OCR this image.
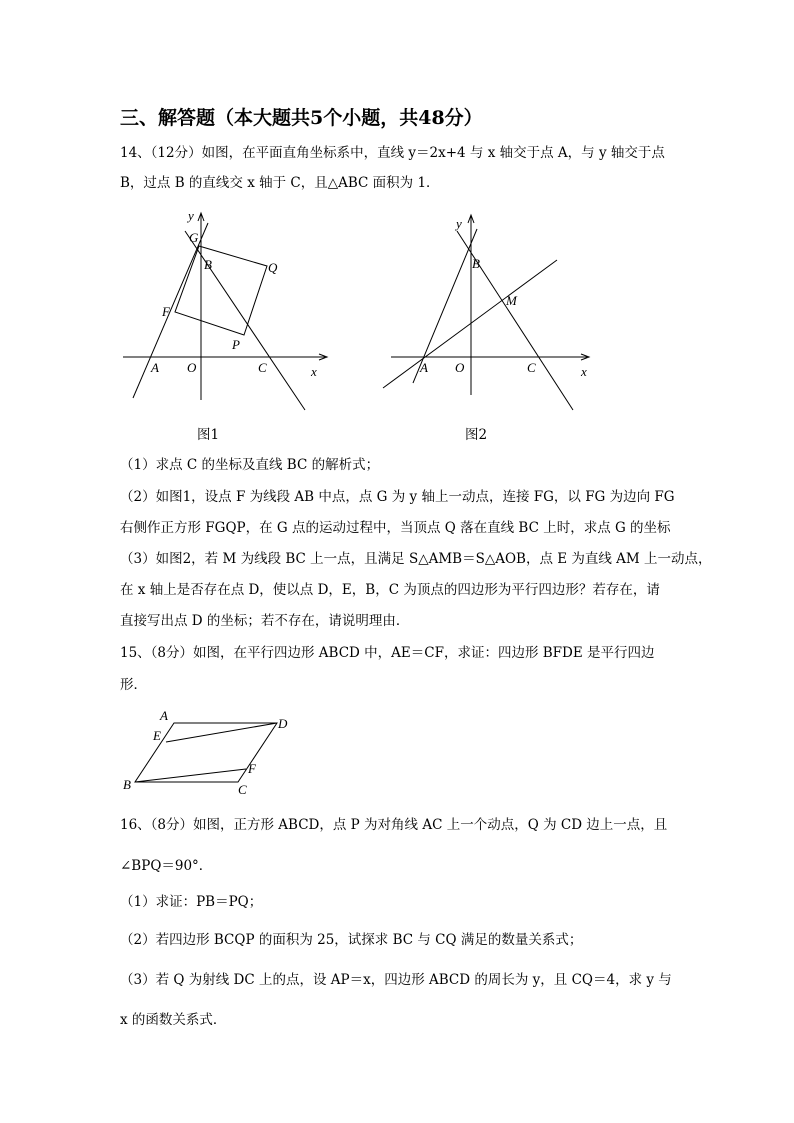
三、解答题（本大题共5个小题，共48分）
14、（12分）如图，在平面直角坐标系中，直线 y＝2x+4 与 x 轴交于点 A，与 y 轴交于点
B，过点 B 的直线交 x 轴于 C，且△ABC 面积为 1．
y
G
B	Q
F
P
A O	C	x
图1
y
B
M
A O	C	x
图2
（1）求点 C 的坐标及直线 BC 的解析式；
（2）如图1，设点 F 为线段 AB 中点，点 G 为 y 轴上一动点，连接 FG，以 FG 为边向 FG
右侧作正方形 FGQP，在 G 点的运动过程中，当顶点 Q 落在直线 BC 上时，求点 G 的坐标
（3）如图2，若 M 为线段 BC 上一点，且满足 S△AMB＝S△AOB，点 E 为直线 AM 上一动点，
在 x 轴上是否存在点 D，使以点 D，E，B，C 为顶点的四边形为平行四边形？若存在，请
直接写出点 D 的坐标；若不存在，请说明理由．
15、（8分）如图，在平行四边形 ABCD 中，AE＝CF，求证：四边形 BFDE 是平行四边
形．
A
D
E
F
B	C
16、（8分）如图，正方形 ABCD，点 P 为对角线 AC 上一个动点，Q 为 CD 边上一点，且
∠BPQ＝90°．
（1）求证：PB＝PQ；
（2）若四边形 BCQP 的面积为 25，试探求 BC 与 CQ 满足的数量关系式；
（3）若 Q 为射线 DC 上的点，设 AP＝x，四边形 ABCD 的周长为 y，且 CQ＝4，求 y 与
x 的函数关系式．
